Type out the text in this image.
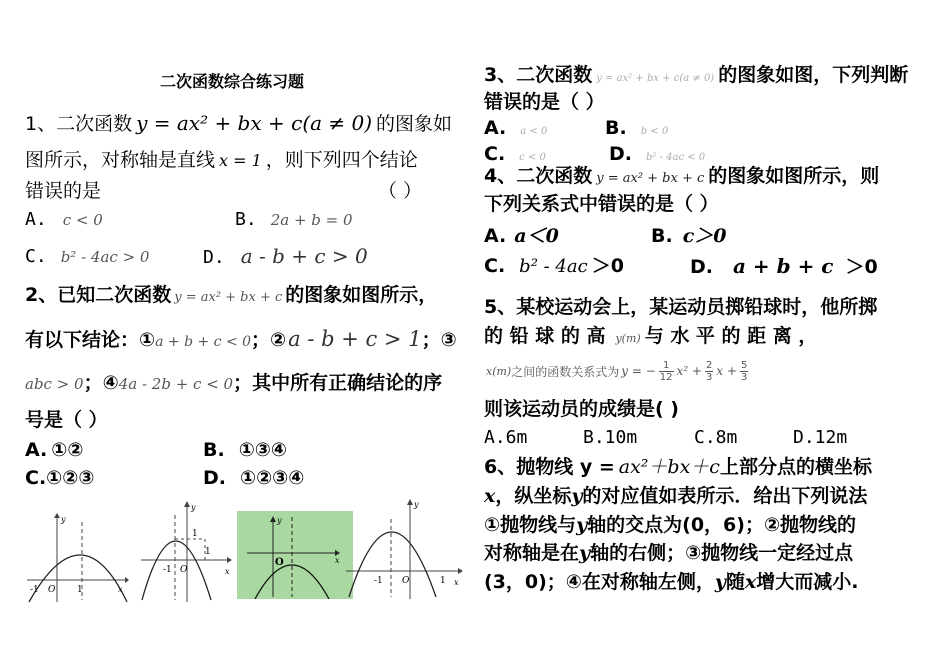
二次函数综合练习题
1、二次函数 y = ax² + bx + c(a ≠ 0) 的图象如
图所示，对称轴是直线 x = 1 ，则下列四个结论
错误的是	（ ）
A. c < 0	B. 2a + b = 0
C. b² - 4ac > 0	D. a - b + c > 0
2、已知二次函数 y = ax² + bx + c 的图象如图所示，
有以下结论：①a + b + c < 0；②a - b + c > 1；③
abc > 0；④4a - 2b + c < 0；其中所有正确结论的序
号是（ ）
A. ①②	B. ①③④
C.①②③	D. ①②③④
-1 O 1	x
y
1
1
-1 O	x
y
O	x
y
-1 O	1 x
y
3、二次函数 y = ax² + bx + c(a ≠ 0) 的图象如图，下列判断
错误的是（ ）
A. a < 0	B. b < 0
C. c < 0	D. b² - 4ac < 0
4、二次函数 y = ax² + bx + c 的图象如图所示，则
下列关系式中错误的是（ ）
A. a＜0	B. c＞0
C. b² - 4ac ＞0	D. a + b + c ＞0
5、某校运动会上，某运动员掷铅球时，他所掷
的 铅 球 的 高 y(m) 与 水 平 的 距 离 ，
x(m) 之间的函数关系式为 y = − $\frac{1}{12} x^2 + \frac{2}{3}$ $x + \frac{5}{3}$
则该运动员的成绩是( )
A.6m	B.10m	C.8m	D.12m
6、抛物线 y = ax²＋bx＋c上部分点的横坐标
x，纵坐标y的对应值如表所示．给出下列说法
①抛物线与y轴的交点为(0，6)；②抛物线的
对称轴是在y轴的右侧；③抛物线一定经过点
(3，0)；④在对称轴左侧，y随x增大而减小.
